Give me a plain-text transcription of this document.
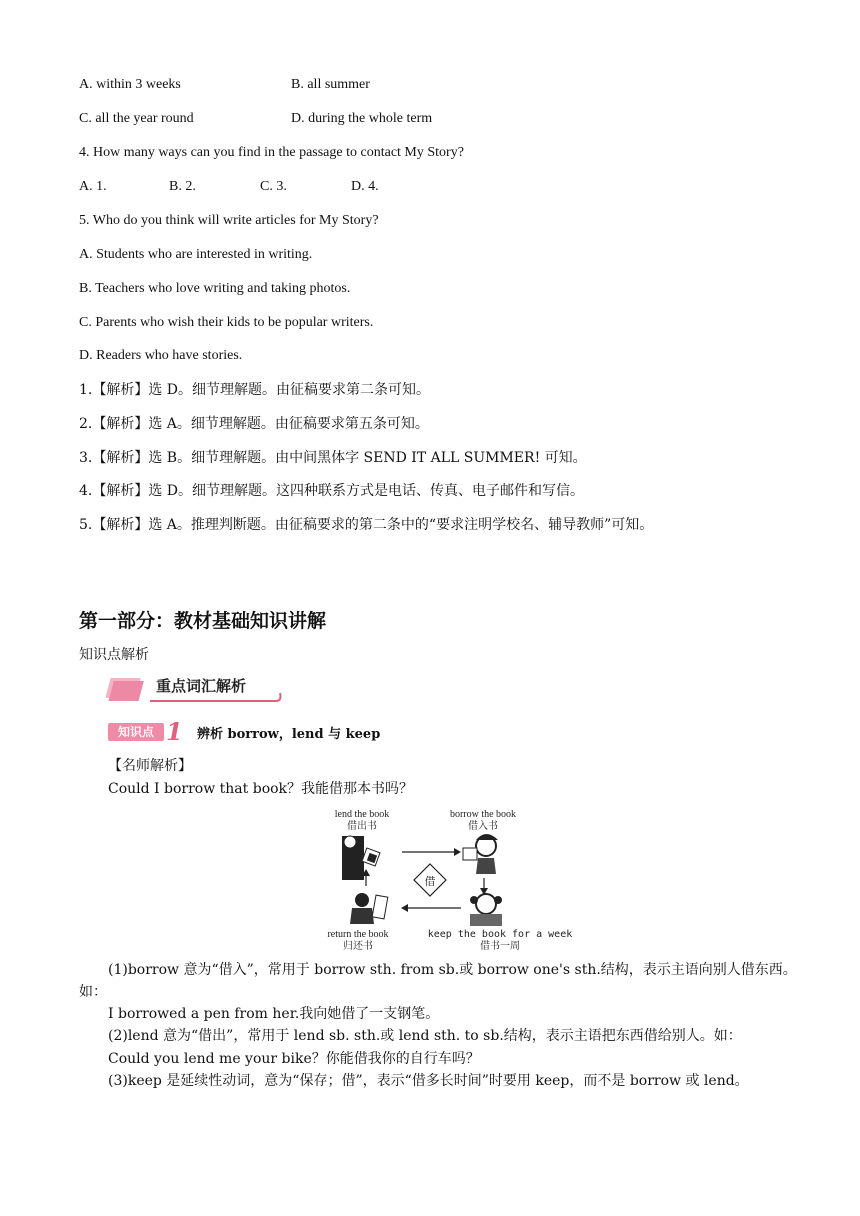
A. within 3 weeks	B. all summer
C. all the year round	D. during the whole term
4. How many ways can you find in the passage to contact My Story?
A. 1.	B. 2.	C. 3.	D. 4.
5. Who do you think will write articles for My Story?
A. Students who are interested in writing.
B. Teachers who love writing and taking photos.
C. Parents who wish their kids to be popular writers.
D. Readers who have stories.
1.【解析】选 D。细节理解题。由征稿要求第二条可知。
2.【解析】选 A。细节理解题。由征稿要求第五条可知。
3.【解析】选 B。细节理解题。由中间黑体字 SEND IT ALL SUMMER! 可知。
4.【解析】选 D。细节理解题。这四种联系方式是电话、传真、电子邮件和写信。
5.【解析】选 A。推理判断题。由征稿要求的第二条中的“要求注明学校名、辅导教师”可知。
第一部分：教材基础知识讲解
知识点解析
重点词汇解析
知识点 1 辨析 borrow，lend 与 keep
【名师解析】
Could I borrow that book？我能借那本书吗？
lend the book
借出书
borrow the book
借入书
借
return the book
归还书
keep the book for a week
借书一周
(1)borrow 意为“借入”，常用于 borrow sth. from sb.或 borrow one's sth.结构，表示主语向别人借东西。
如：
I borrowed a pen from her.我向她借了一支钢笔。
(2)lend 意为“借出”，常用于 lend sb. sth.或 lend sth. to sb.结构，表示主语把东西借给别人。如：
Could you lend me your bike？你能借我你的自行车吗？
(3)keep 是延续性动词，意为“保存；借”，表示“借多长时间”时要用 keep，而不是 borrow 或 lend。
